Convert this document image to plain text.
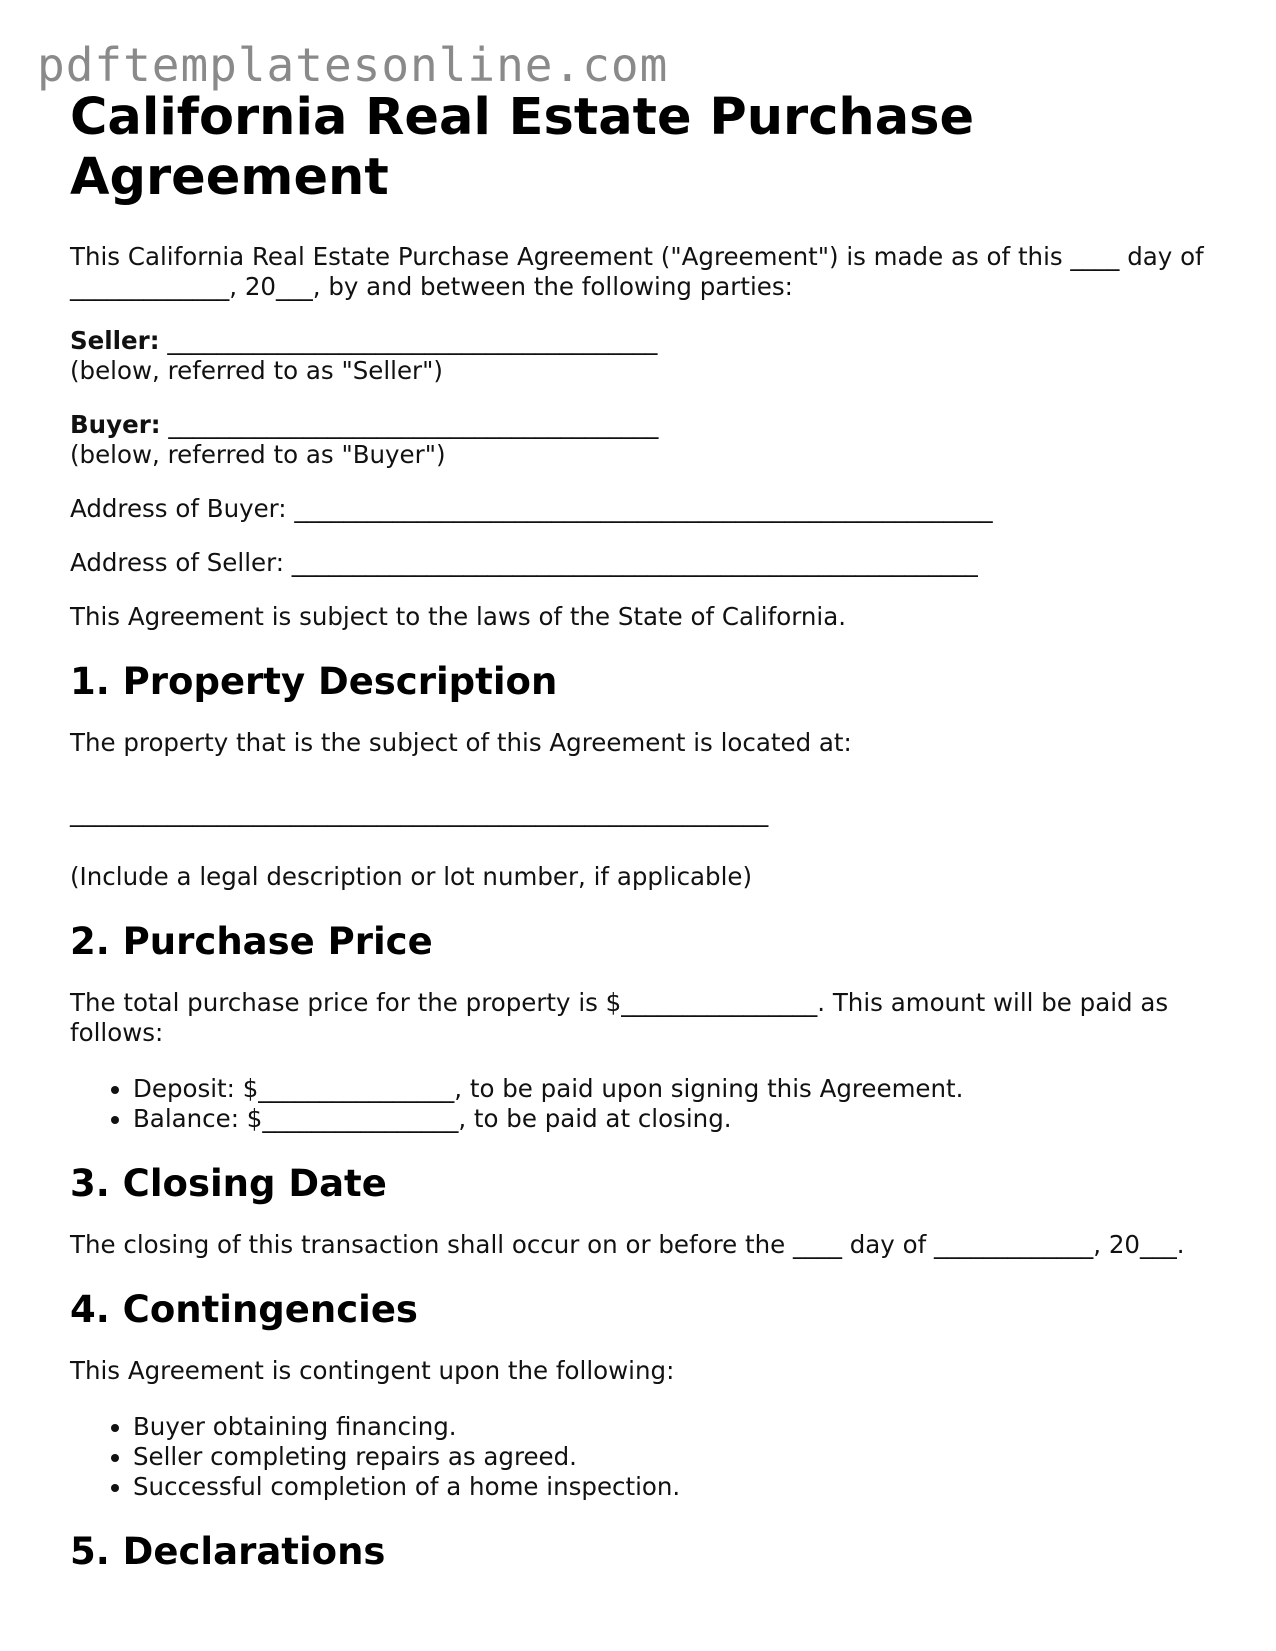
pdftemplatesonline.com
California Real Estate Purchase Agreement

This California Real Estate Purchase Agreement ("Agreement") is made as of this ____ day of _____________, 20___, by and between the following parties:

Seller: ________________________________________
(below, referred to as "Seller")

Buyer: ________________________________________
(below, referred to as "Buyer")

Address of Buyer: _________________________________________________________

Address of Seller: ________________________________________________________

This Agreement is subject to the laws of the State of California.

1. Property Description

The property that is the subject of this Agreement is located at:

_________________________________________________________

(Include a legal description or lot number, if applicable)

2. Purchase Price

The total purchase price for the property is $________________. This amount will be paid as follows:

• Deposit: $________________, to be paid upon signing this Agreement.
• Balance: $________________, to be paid at closing.
3. Closing Date

The closing of this transaction shall occur on or before the ____ day of _____________, 20___.

4. Contingencies

This Agreement is contingent upon the following:

• Buyer obtaining financing.
• Seller completing repairs as agreed.
• Successful completion of a home inspection.
5. Declarations
